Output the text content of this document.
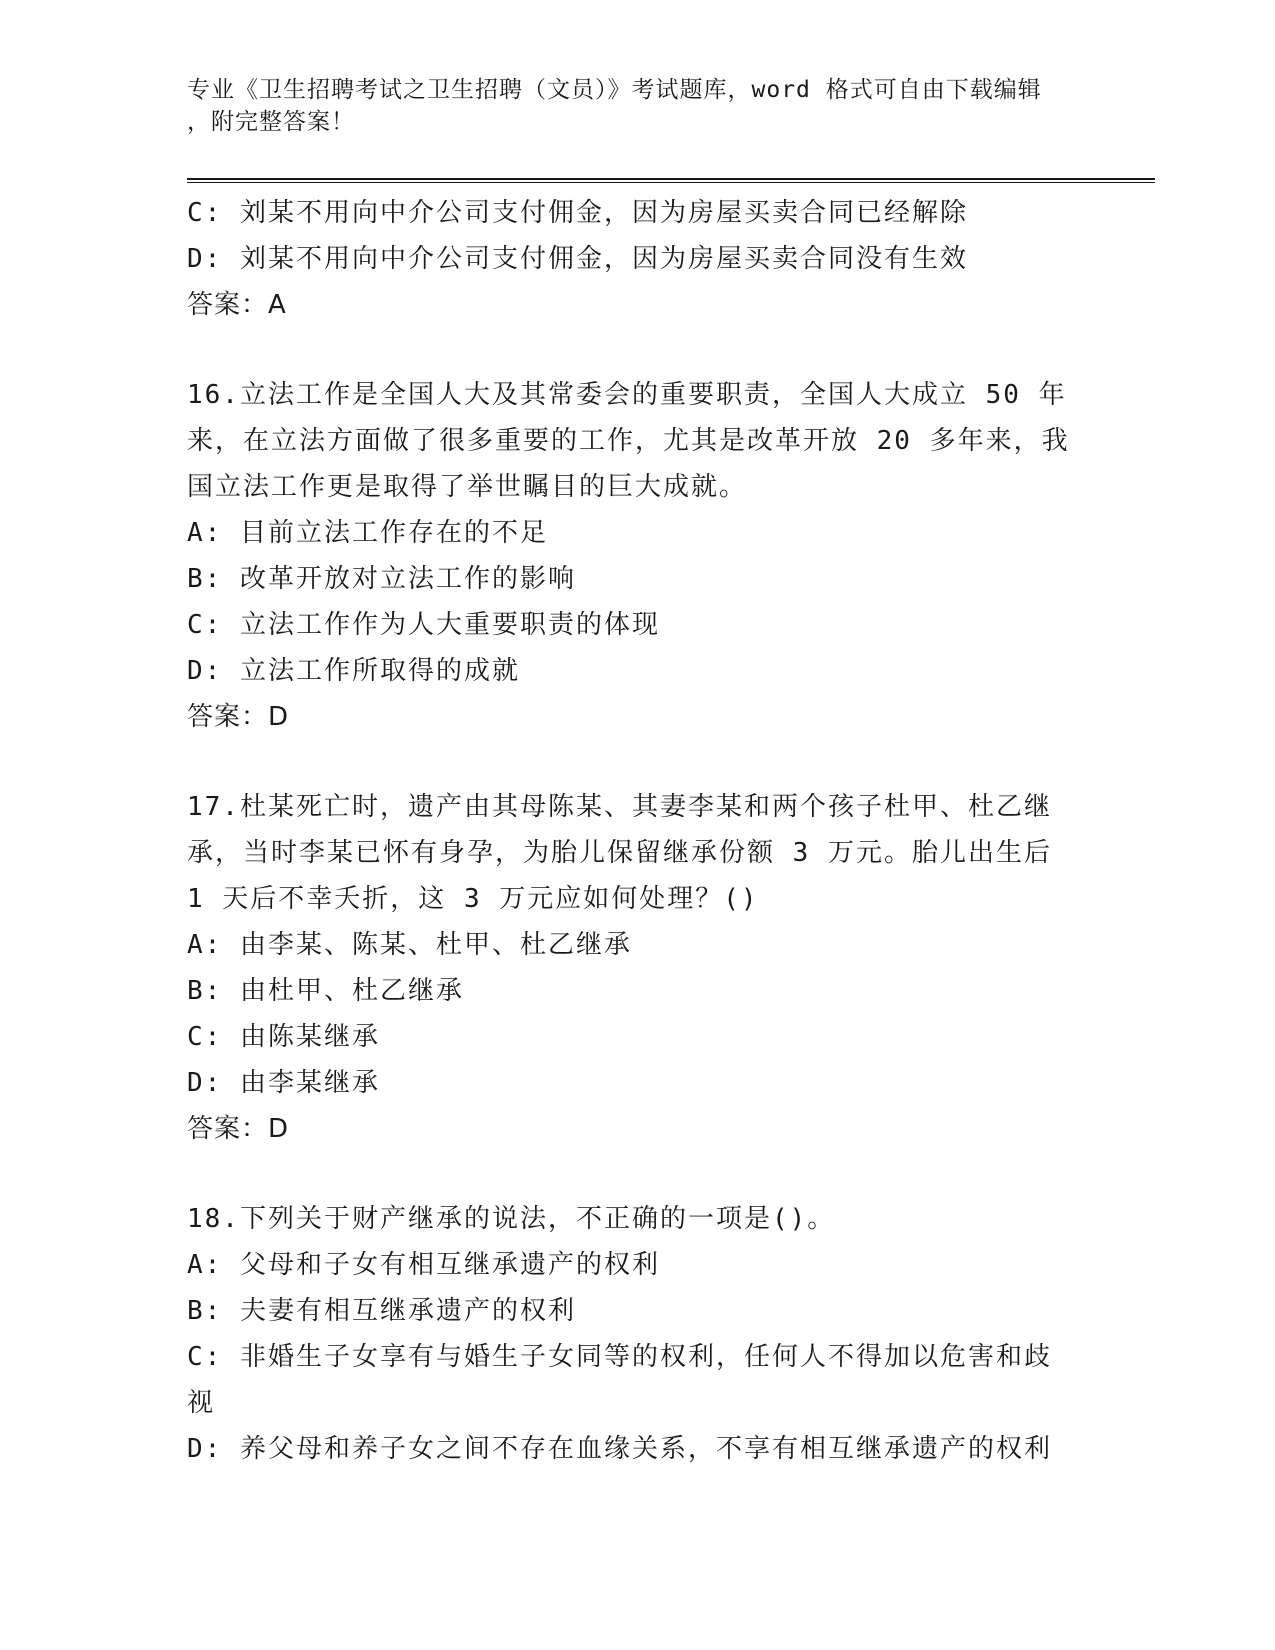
专业《卫生招聘考试之卫生招聘（文员）》考试题库，word 格式可自由下载编辑
，附完整答案！
C: 刘某不用向中介公司支付佣金，因为房屋买卖合同已经解除
D: 刘某不用向中介公司支付佣金，因为房屋买卖合同没有生效
答案：A
16.立法工作是全国人大及其常委会的重要职责，全国人大成立 50 年
来，在立法方面做了很多重要的工作，尤其是改革开放 20 多年来，我
国立法工作更是取得了举世瞩目的巨大成就。
A: 目前立法工作存在的不足
B: 改革开放对立法工作的影响
C: 立法工作作为人大重要职责的体现
D: 立法工作所取得的成就
答案：D
17.杜某死亡时，遗产由其母陈某、其妻李某和两个孩子杜甲、杜乙继
承，当时李某已怀有身孕，为胎儿保留继承份额 3 万元。胎儿出生后
1 天后不幸夭折，这 3 万元应如何处理？()
A: 由李某、陈某、杜甲、杜乙继承
B: 由杜甲、杜乙继承
C: 由陈某继承
D: 由李某继承
答案：D
18.下列关于财产继承的说法，不正确的一项是()。
A: 父母和子女有相互继承遗产的权利
B: 夫妻有相互继承遗产的权利
C: 非婚生子女享有与婚生子女同等的权利，任何人不得加以危害和歧
视
D: 养父母和养子女之间不存在血缘关系，不享有相互继承遗产的权利
